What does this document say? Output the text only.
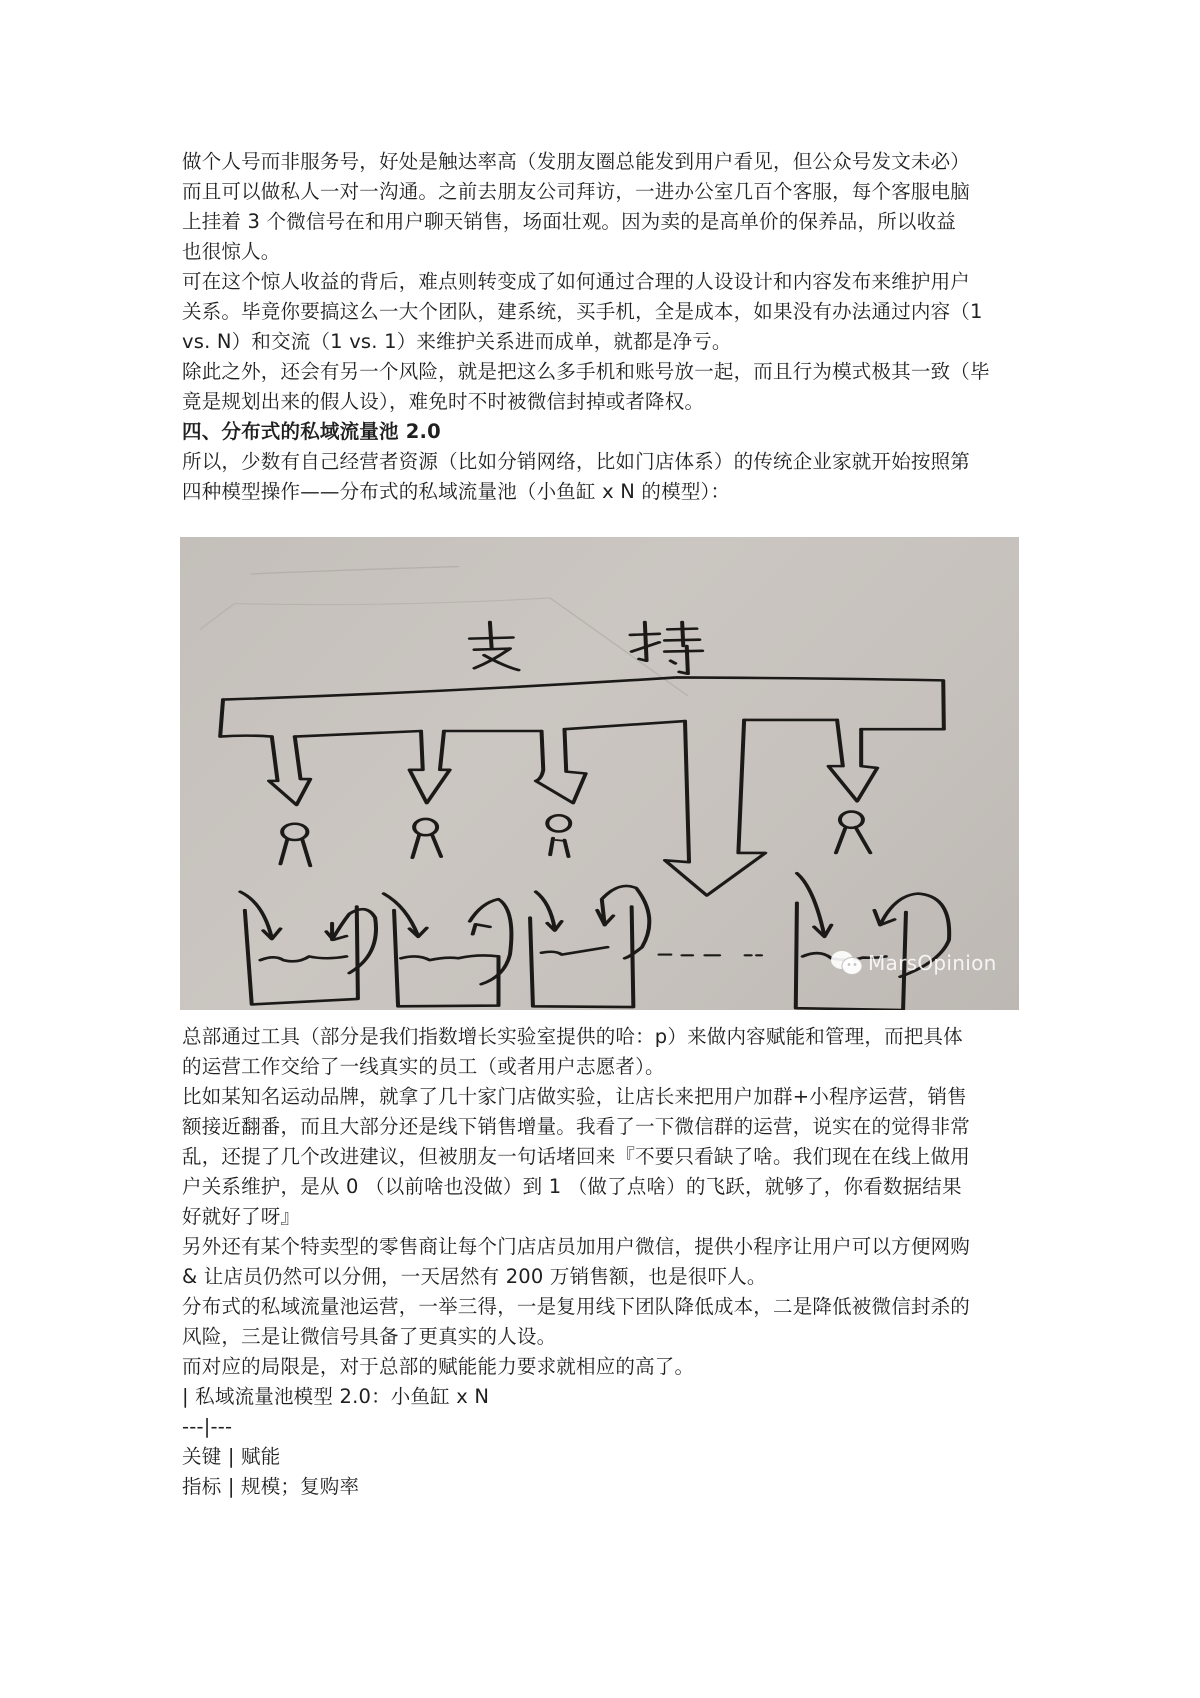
做个人号而非服务号，好处是触达率高（发朋友圈总能发到用户看见，但公众号发文未必）
而且可以做私人一对一沟通。之前去朋友公司拜访，一进办公室几百个客服，每个客服电脑
上挂着 3 个微信号在和用户聊天销售，场面壮观。因为卖的是高单价的保养品，所以收益
也很惊人。

可在这个惊人收益的背后，难点则转变成了如何通过合理的人设设计和内容发布来维护用户
关系。毕竟你要搞这么一大个团队，建系统，买手机，全是成本，如果没有办法通过内容（1
vs. N）和交流（1 vs. 1）来维护关系进而成单，就都是净亏。

除此之外，还会有另一个风险，就是把这么多手机和账号放一起，而且行为模式极其一致（毕
竟是规划出来的假人设），难免时不时被微信封掉或者降权。

四、分布式的私域流量池 2.0

所以，少数有自己经营者资源（比如分销网络，比如门店体系）的传统企业家就开始按照第
四种模型操作——分布式的私域流量池（小鱼缸 x N 的模型）：

MarsOpinion

总部通过工具（部分是我们指数增长实验室提供的哈：p）来做内容赋能和管理，而把具体
的运营工作交给了一线真实的员工（或者用户志愿者）。

比如某知名运动品牌，就拿了几十家门店做实验，让店长来把用户加群+小程序运营，销售
额接近翻番，而且大部分还是线下销售增量。我看了一下微信群的运营，说实在的觉得非常
乱，还提了几个改进建议，但被朋友一句话堵回来『不要只看缺了啥。我们现在在线上做用
户关系维护，是从 0 （以前啥也没做）到 1 （做了点啥）的飞跃，就够了，你看数据结果
好就好了呀』

另外还有某个特卖型的零售商让每个门店店员加用户微信，提供小程序让用户可以方便网购
& 让店员仍然可以分佣，一天居然有 200 万销售额，也是很吓人。

分布式的私域流量池运营，一举三得，一是复用线下团队降低成本，二是降低被微信封杀的
风险，三是让微信号具备了更真实的人设。

而对应的局限是，对于总部的赋能能力要求就相应的高了。

| 私域流量池模型 2.0：小鱼缸 x N

---|---

关键 | 赋能

指标 | 规模；复购率
